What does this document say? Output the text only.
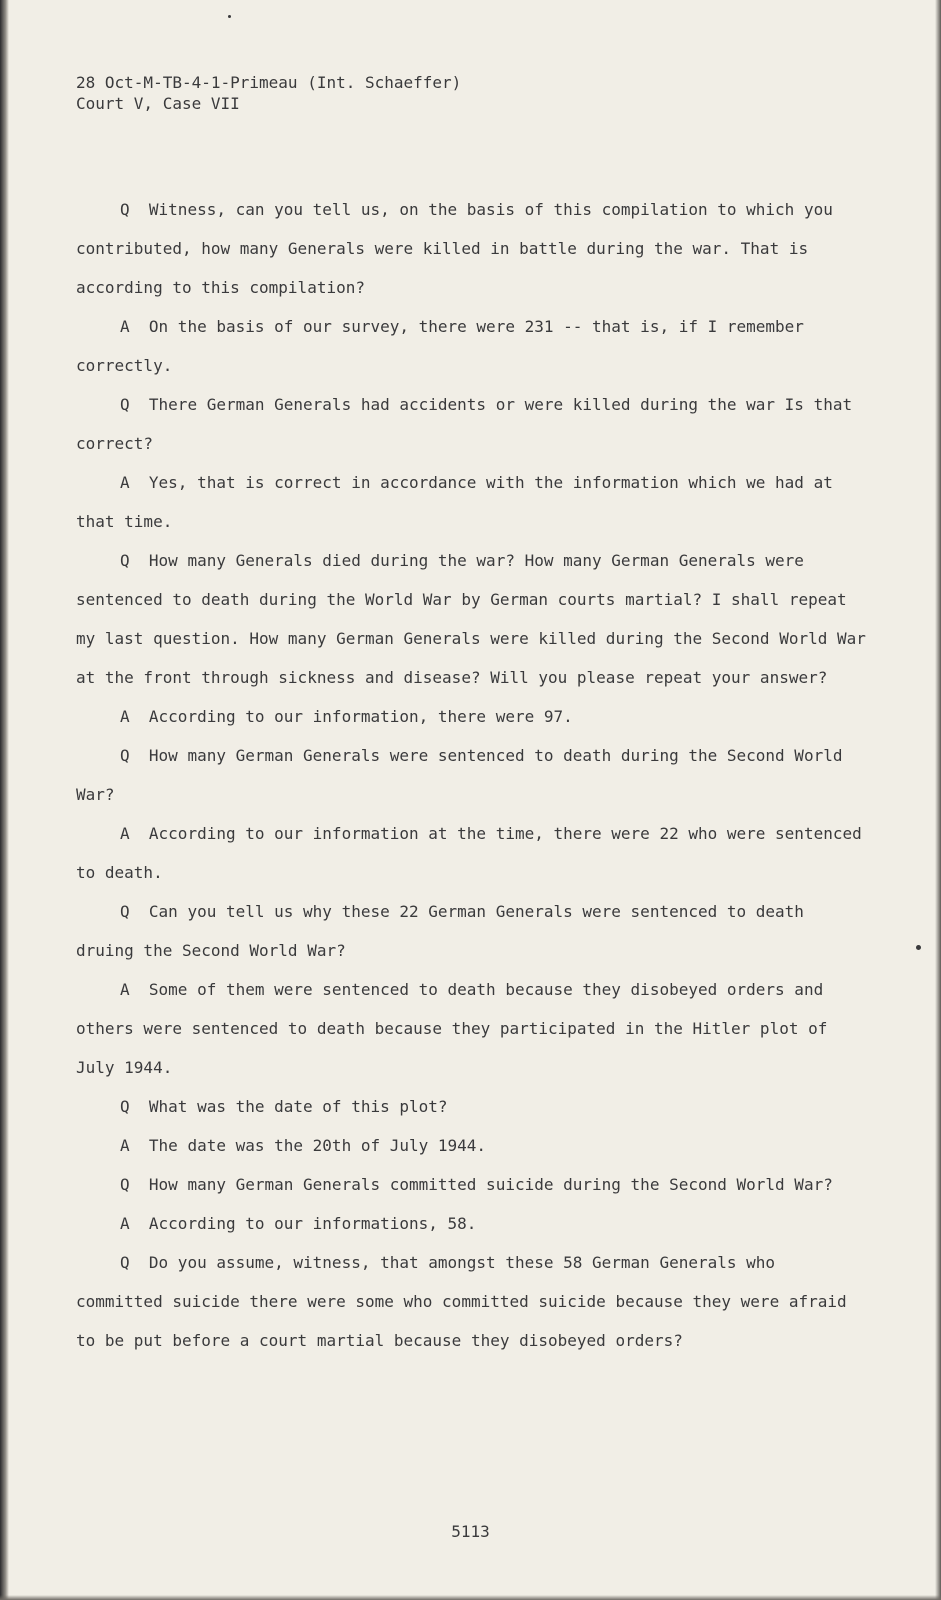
28 Oct-M-TB-4-1-Primeau (Int. Schaeffer)
Court V, Case VII

Q Witness, can you tell us, on the basis of this compilation to which you contributed, how many Generals were killed in battle during the war. That is according to this compilation?

A On the basis of our survey, there were 231 -- that is, if I remember correctly.

Q There German Generals had accidents or were killed during the war Is that correct?

A Yes, that is correct in accordance with the information which we had at that time.

Q How many Generals died during the war? How many German Generals were sentenced to death during the World War by German courts martial? I shall repeat my last question. How many German Generals were killed during the Second World War at the front through sickness and disease? Will you please repeat your answer?

A According to our information, there were 97.

Q How many German Generals were sentenced to death during the Second World War?

A According to our information at the time, there were 22 who were sentenced to death.

Q Can you tell us why these 22 German Generals were sentenced to death druing the Second World War?

A Some of them were sentenced to death because they disobeyed orders and others were sentenced to death because they participated in the Hitler plot of July 1944.

Q What was the date of this plot?

A The date was the 20th of July 1944.

Q How many German Generals committed suicide during the Second World War?

A According to our informations, 58.

Q Do you assume, witness, that amongst these 58 German Generals who committed suicide there were some who committed suicide because they were afraid to be put before a court martial because they disobeyed orders?

5113
